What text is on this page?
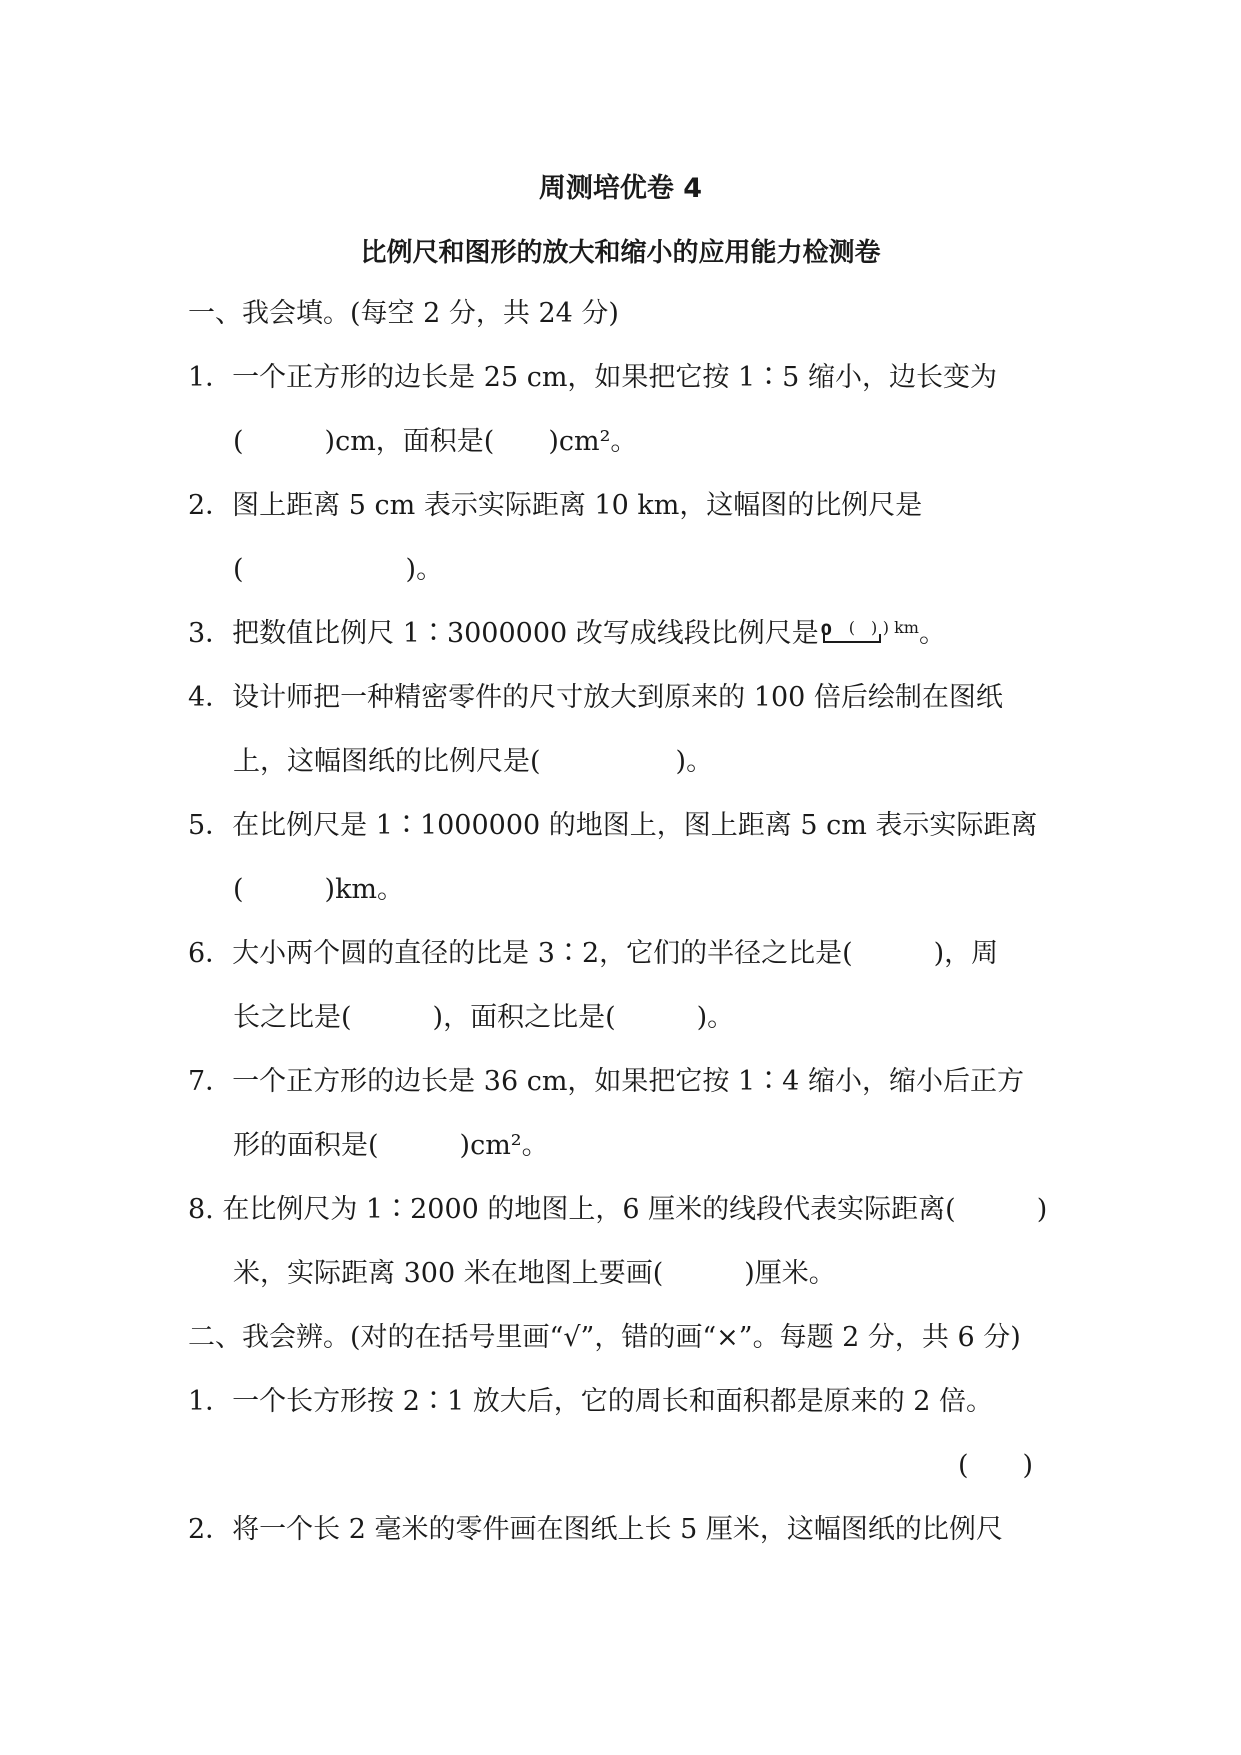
周测培优卷 4
比例尺和图形的放大和缩小的应用能力检测卷
一、我会填。(每空 2 分，共 24 分)
1．一个正方形的边长是 25 cm，如果把它按 1∶5 缩小，边长变为
(　　　)cm，面积是(　　)cm²。
2．图上距离 5 cm 表示实际距离 10 km，这幅图的比例尺是
(　　　　　　)。
3．把数值比例尺 1∶3000000 改写成线段比例尺是 0 (　) ) km。
4．设计师把一种精密零件的尺寸放大到原来的 100 倍后绘制在图纸
上，这幅图纸的比例尺是(　　　　　)。
5．在比例尺是 1∶1000000 的地图上，图上距离 5 cm 表示实际距离
(　　　)km。
6．大小两个圆的直径的比是 3∶2，它们的半径之比是(　　　)，周
长之比是(　　　)，面积之比是(　　　)。
7．一个正方形的边长是 36 cm，如果把它按 1∶4 缩小，缩小后正方
形的面积是(　　　)cm²。
8. 在比例尺为 1∶2000 的地图上，6 厘米的线段代表实际距离(　　　)
米，实际距离 300 米在地图上要画(　　　)厘米。
二、我会辨。(对的在括号里画“√”，错的画“×”。每题 2 分，共 6 分)
1．一个长方形按 2∶1 放大后，它的周长和面积都是原来的 2 倍。
(　　)
2．将一个长 2 毫米的零件画在图纸上长 5 厘米，这幅图纸的比例尺
